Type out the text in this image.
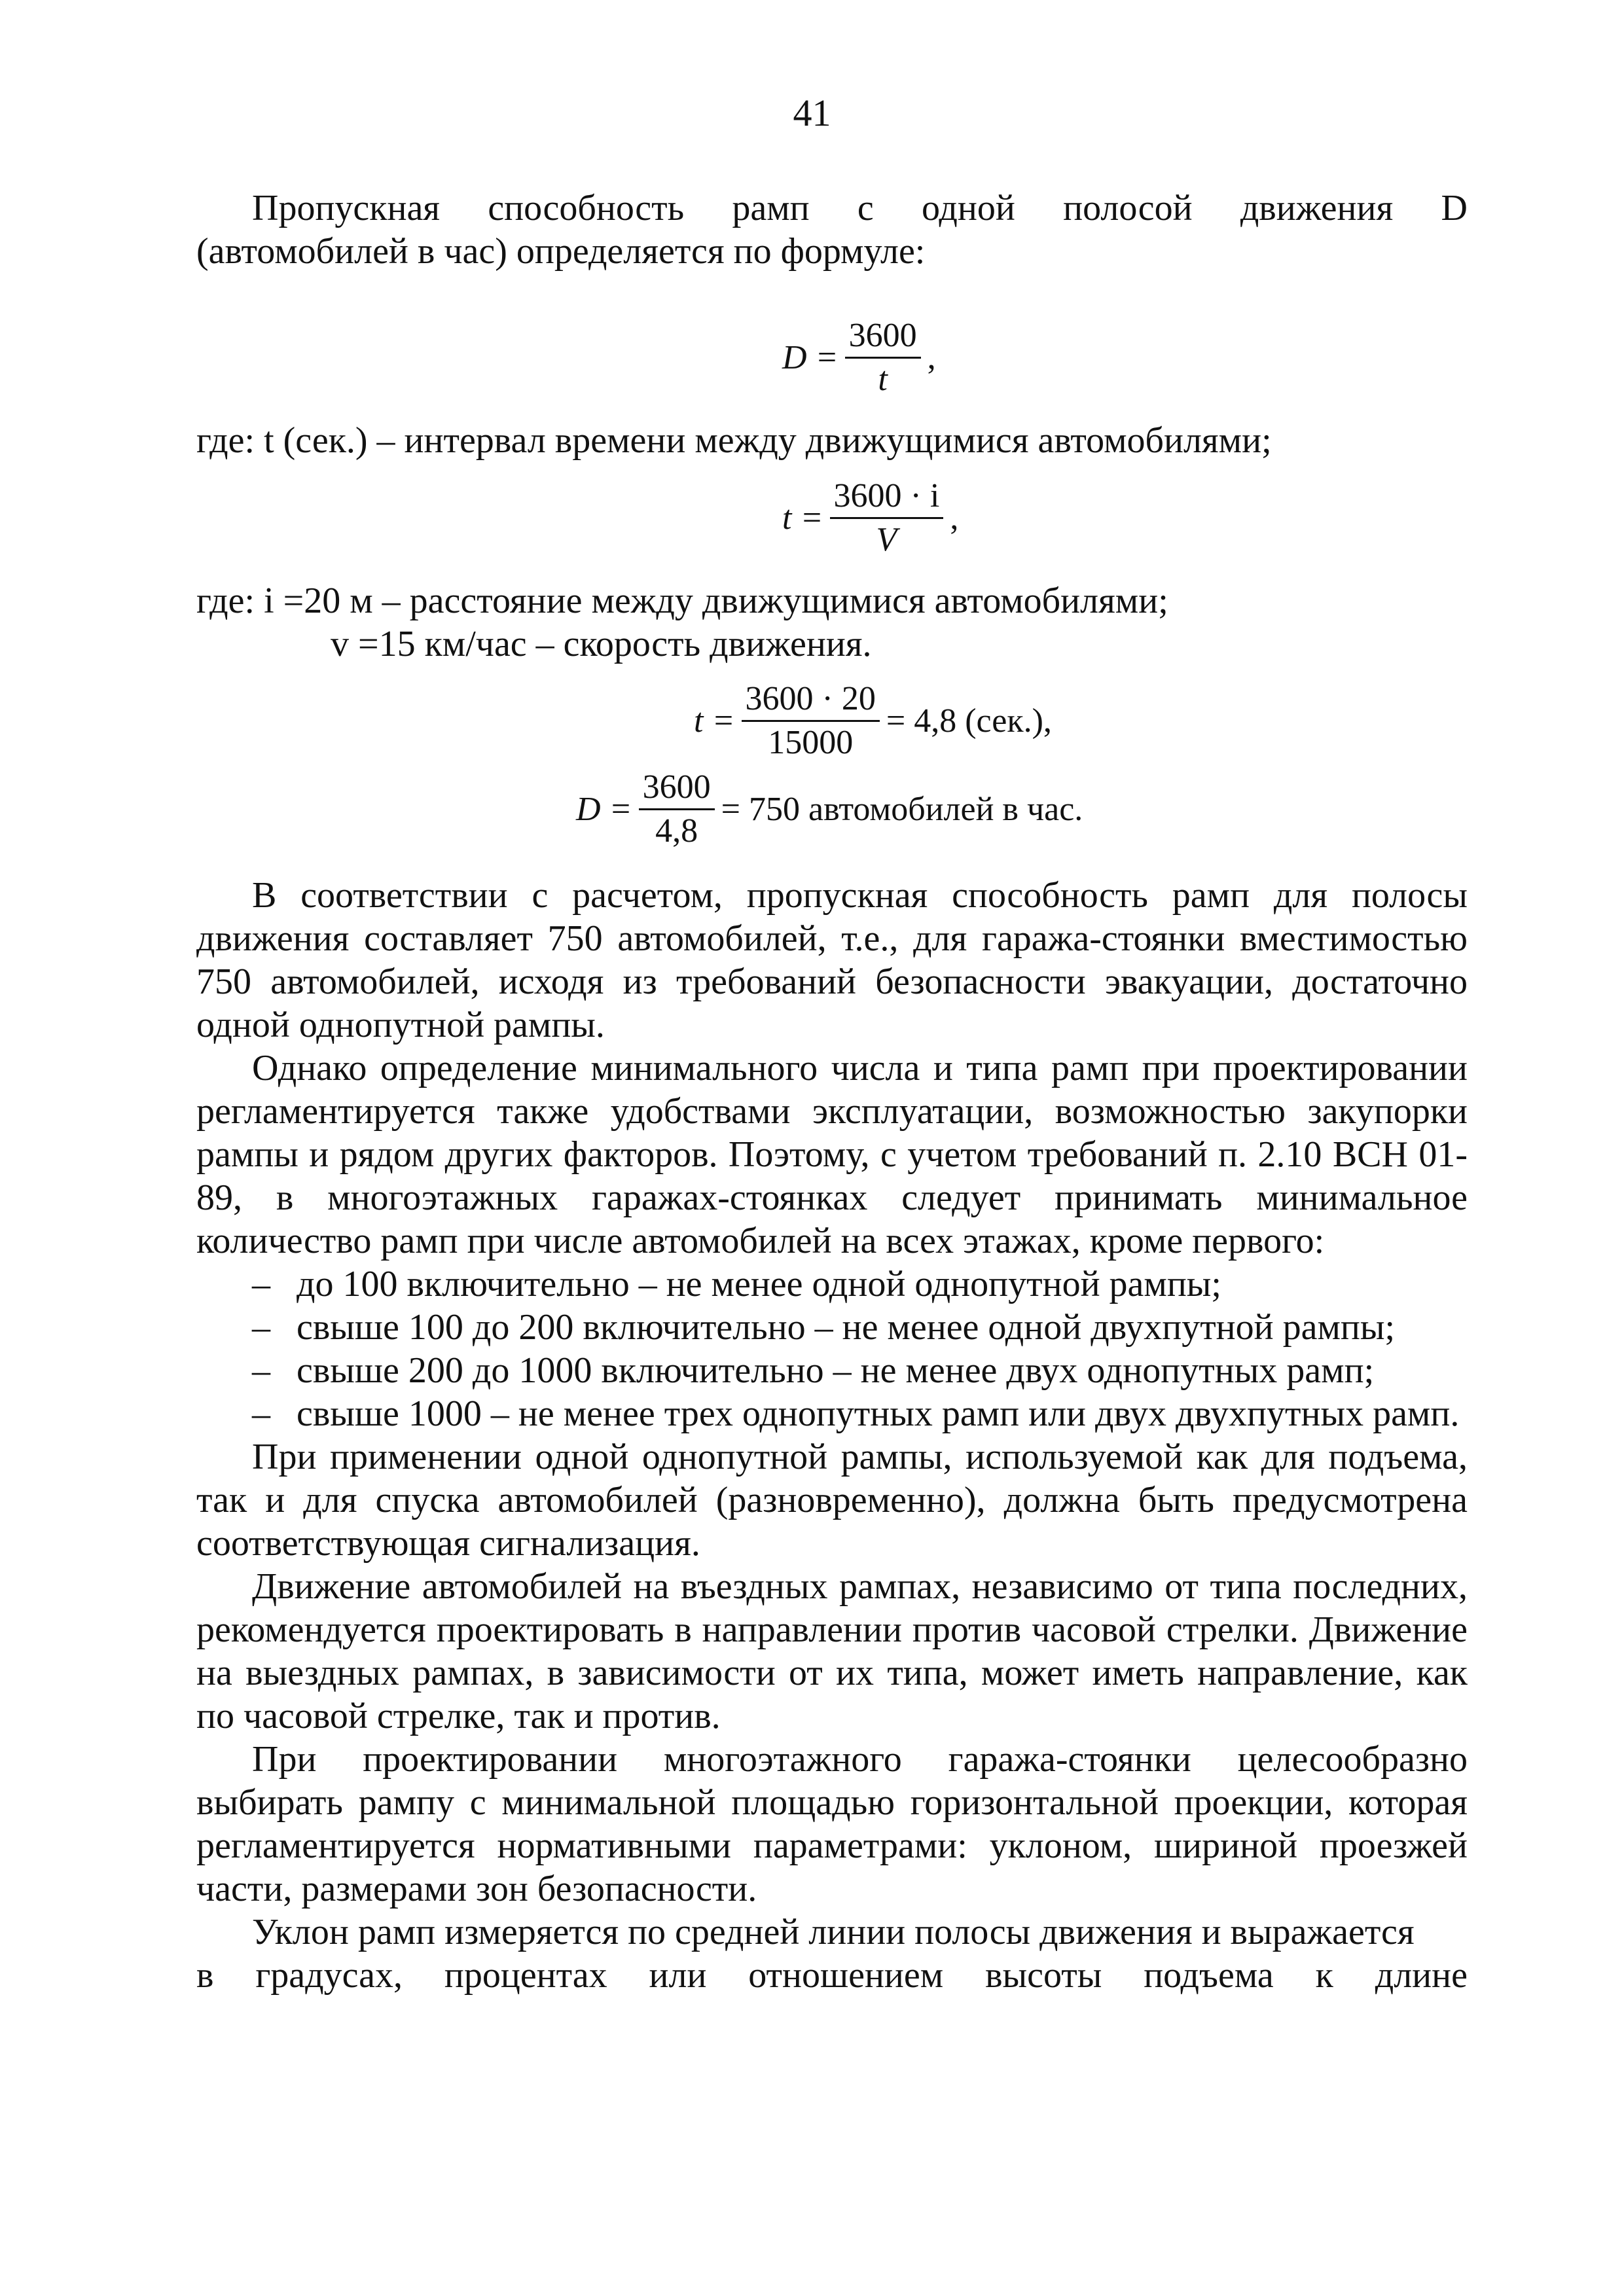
41
Пропускная способность рамп с одной полосой движения D
(автомобилей в час) определяется по формуле:
$D = \frac{3600}{t}$ ,
где: t (сек.) – интервал времени между движущимися автомобилями;
$t = \frac{3600 \cdot i}{V}$ ,
где: i =20 м – расстояние между движущимися автомобилями;
v =15 км/час – скорость движения.
$t = \frac{3600 \cdot 20}{15000} = 4,8$ (сек.),
$D = \frac{3600}{4,8} = 750$ автомобилей в час.

В соответствии с расчетом, пропускная способность рамп для полосы движения составляет 750 автомобилей, т.е., для гаража-стоянки вместимостью 750 автомобилей, исходя из требований безопасности эвакуации, достаточно одной однопутной рампы.

Однако определение минимального числа и типа рамп при проектировании регламентируется также удобствами эксплуатации, возможностью закупорки рампы и рядом других факторов. Поэтому, с учетом требований п. 2.10 ВСН 01-89, в многоэтажных гаражах-стоянках следует принимать минимальное количество рамп при числе автомобилей на всех этажах, кроме первого:

– до 100 включительно – не менее одной однопутной рампы;
– свыше 100 до 200 включительно – не менее одной двухпутной рампы;
– свыше 200 до 1000 включительно – не менее двух однопутных рамп;
– свыше 1000 – не менее трех однопутных рамп или двух двухпутных рамп.

При применении одной однопутной рампы, используемой как для подъема, так и для спуска автомобилей (разновременно), должна быть предусмотрена соответствующая сигнализация.

Движение автомобилей на въездных рампах, независимо от типа последних, рекомендуется проектировать в направлении против часовой стрелки. Движение на выездных рампах, в зависимости от их типа, может иметь направление, как по часовой стрелке, так и против.

При проектировании многоэтажного гаража-стоянки целесообразно выбирать рампу с минимальной площадью горизонтальной проекции, которая регламентируется нормативными параметрами: уклоном, шириной проезжей части, размерами зон безопасности.

Уклон рамп измеряется по средней линии полосы движения и выражается

в градусах, процентах или отношением высоты подъема к длине
